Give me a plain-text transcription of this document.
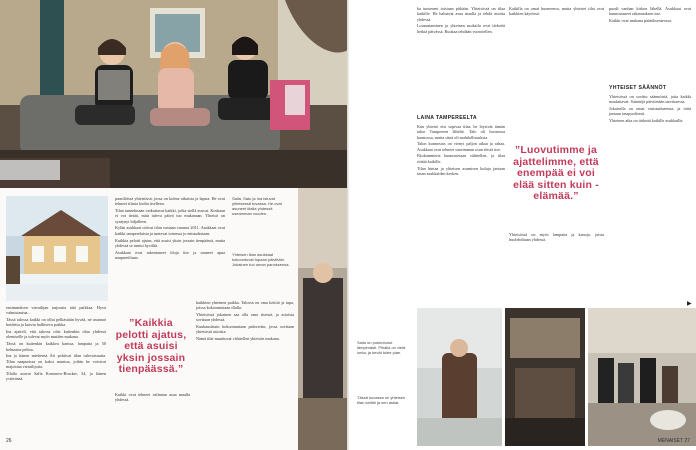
ensimmäisen vierailijan tarjousta tätä paikkaa. Hyvä valmistautua...

Tässä talossa kaikki on ollut pelkästään hyvää, ne asunnot hoidettu ja kasvin hallitseva paikka.

Ina ajatteli, että talossa olisi kuitenkin tilaa yhdessä olemiselle ja tulevat myös muiden mukana.

Tässä on kuitenkin kaikkea kanssa, lampaita ja 50 hehtaaria peltoa.

Ina ja hänen miehensä Ari pohtivat tilan tulevaisuutta. Tilan naapurissa on kaksi asuntoa, joihin he voisivat majoittaa vierailijoita.

Tilalla asuvat Salla Kononow-Bracker, 34, ja hänen ystävänsä.

”Kaikkia pelotti ajatus, että asuisi yksin jossain tienpäässä.”

paasilöissä yhteisössä, jossa on kolme aikuista ja lapsia. He ovat tehneet tilasta kodin itselleen.

Tilan tunnelmaan vaikuttavat kaikki, jotka siellä asuvat. Koskaan ei voi tietää, mitä tuleva päivä tuo mukanaan. Yhteisö on syntynyt hiljalleen.

Kylän asukkaat ottivat tilan vastaan vuonna 2011. Asukkaat ovat kaikki tamperelaisia ja tuntevat toisensa jo entuudestaan.

Kaikkia pelotti ajatus, että asuisi yksin jossain tienpäässä, mutta yhdessä se tuntui hyvältä.

Asukkaat ovat rakentaneet tiloja itse ja saaneet apua naapureiltaan.

Kaikki ovat tehneet valinnan asua maalla yhdessä.

kaikkien yhteinen paikka. Talossa on oma keittiö ja tupa, joissa kokoonnutaan illalla.

Yhteisössä jokainen saa olla oma itsensä, ja asioista sovitaan yhdessä.

Kuukausittain kokoonnutaan palaveriin, jossa sovitaan yhteisistä asioista.

Nämä tilat muuttuvat vähitellen yhteisön mukana.

Salla, Satu ja Ina istuvat yhteisessä tuvassa. He ovat asuneet tilalla yhdessä useamman vuoden.

Yhteisen tilan asukkaat kokoontuvat tupaan päivittäin. Jokainen tuo oman panoksensa.

26

ka tunteneet toisiaan pitkään. Yhteisössä on tilaa kaikille. He haluavat asua maalla ja tehdä asioita yhdessä.

Lounastaminen ja yhteinen ruokailu ovat tärkeitä hetkiä päivässä. Ruokaa tehdään vuorotellen.

LAINA TAMPEREELTA

Kun yhteisö etsi sopivaa tilaa, he löysivät tämän talon Tampereen läheltä. Talo oli huonossa kunnossa, mutta siinä oli mahdollisuuksia.

Talon kunnostus on vienyt paljon aikaa ja rahaa. Asukkaat ovat tehneet suurimman osan töistä itse.

Ekokammeria kunnostetaan vähitellen, ja tilaa riittää kaikille.

Tilan hintaa ja yhteisen asumisen kuluja jaetaan tasan asukkaiden kesken.

Kaikilla on omat huoneensa, mutta yhteiset tilat ovat kaikkien käytössä.

”Luovutimme ja ajattelimme, että enempää ei voi elää sitten kuin -elämää.”

Yhteisössä on myös lampaita ja kanoja, joista huolehditaan yhdessä.

puodi vanhan kirkon lähellä. Asukkaat ovat kunnostaneet rakennuksen itse.

Kaikki ovat mukana päätöksenteossa.

YHTEISET SÄÄNNÖT

Yhteisössä on sovittu säännöistä, joita kaikki noudattavat. Sääntöjä päivitetään tarvittaessa.

Jokaisella on omat vastuualueensa, ja töitä jaetaan tasapuolisesti.

Yhteinen aika on tärkeää kaikille asukkaille.

▶

Salla on pukeutunut lämpimästi. Pihalla on vielä lunta, ja kevät tulee pian.

Tässä kuvassa on yhteisen tilan keittiö ja sen astiat.

MENAISET 27
